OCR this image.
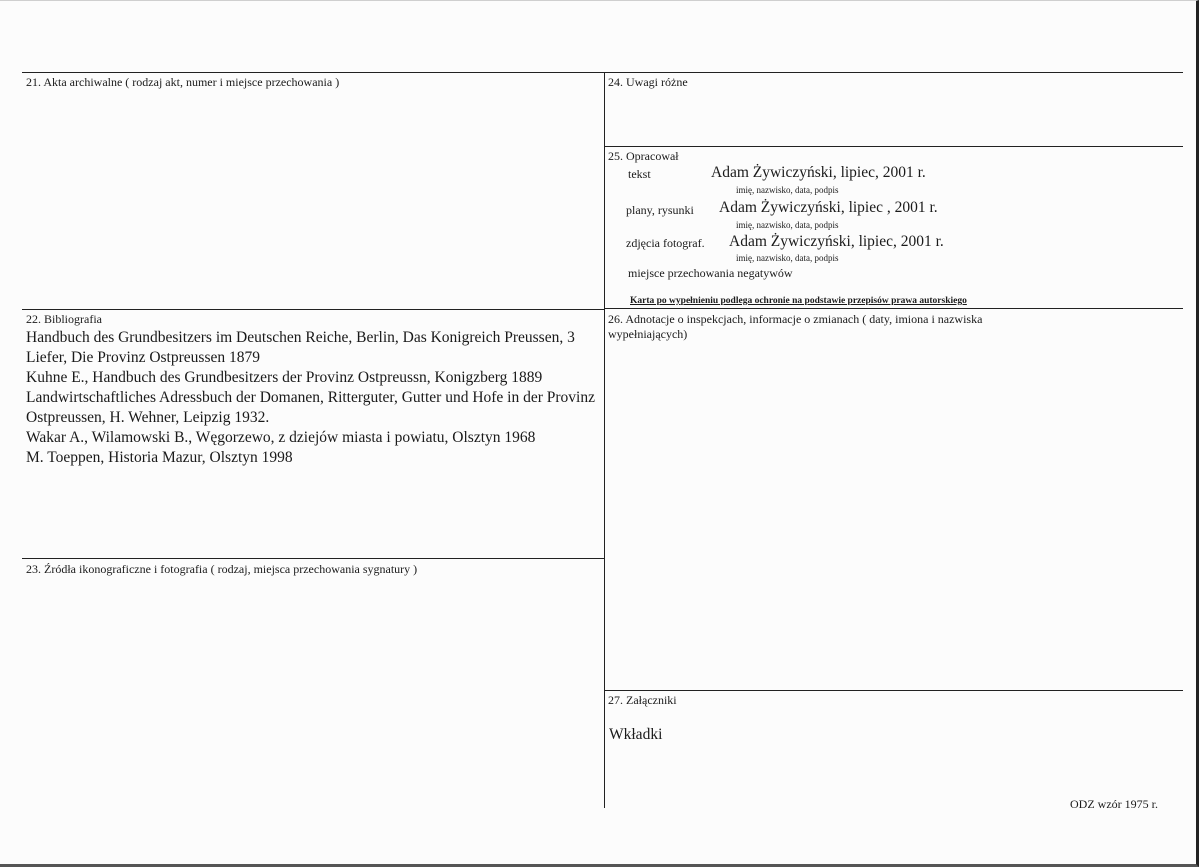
21. Akta archiwalne ( rodzaj akt, numer i miejsce przechowania )
22. Bibliografia
Handbuch des Grundbesitzers im Deutschen Reiche, Berlin, Das Konigreich Preussen, 3 Liefer, Die Provinz Ostpreussen 1879
Kuhne E., Handbuch des Grundbesitzers der Provinz Ostpreussn, Konigzberg 1889
Landwirtschaftliches Adressbuch der Domanen, Ritterguter, Gutter und Hofe in der Provinz Ostpreussen, H. Wehner, Leipzig 1932.
Wakar A., Wilamowski B., Węgorzewo, z dziejów miasta i powiatu, Olsztyn 1968
M. Toeppen, Historia Mazur, Olsztyn 1998
23. Źródła ikonograficzne i fotografia ( rodzaj, miejsca przechowania sygnatury )
24. Uwagi różne
25. Opracował
tekst	Adam Żywiczyński, lipiec, 2001 r.
imię, nazwisko, data, podpis
plany, rysunki Adam Żywiczyński, lipiec , 2001 r.
imię, nazwisko, data, podpis
zdjęcia fotograf. Adam Żywiczyński, lipiec, 2001 r.
imię, nazwisko, data, podpis
miejsce przechowania negatywów
Karta po wypełnieniu podlega ochronie na podstawie przepisów prawa autorskiego
26. Adnotacje o inspekcjach, informacje o zmianach ( daty, imiona i nazwiska
wypełniających)
27. Załączniki
Wkładki
ODZ wzór 1975 r.
